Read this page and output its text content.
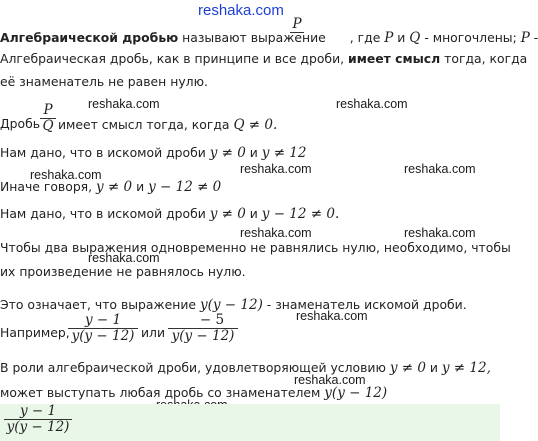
reshaka.com
Алгебраической дробью называют выражение , где P и Q - многочлены; P -
P
Алгебраическая дробь, как в принципе и все дроби, имеет смысл тогда, когда
её знаменатель не равен нулю.
reshaka.com	reshaka.com
Дробь
P
Q имеет смысл тогда, когда Q ≠ 0.
Нам дано, что в искомой дроби y ≠ 0 и y ≠ 12
reshaka.com	reshaka.com	reshaka.com
Иначе говоря, y ≠ 0 и y − 12 ≠ 0
Нам дано, что в искомой дроби y ≠ 0 и y − 12 ≠ 0.
reshaka.com	reshaka.com
Чтобы два выражения одновременно не равнялись нулю, необходимо, чтобы
reshaka.com
их произведение не равнялось нулю.
Это означает, что выражение y(y − 12) - знаменатель искомой дроби.
Например,
y − 1
y(y − 12) или
− 5
y(y − 12)
reshaka.com
В роли алгебраической дроби, удовлетворяющей условию y ≠ 0 и y ≠ 12,
reshaka.com
может выступать любая дробь со знаменателем y(y − 12)
y − 1
y(y − 12)
